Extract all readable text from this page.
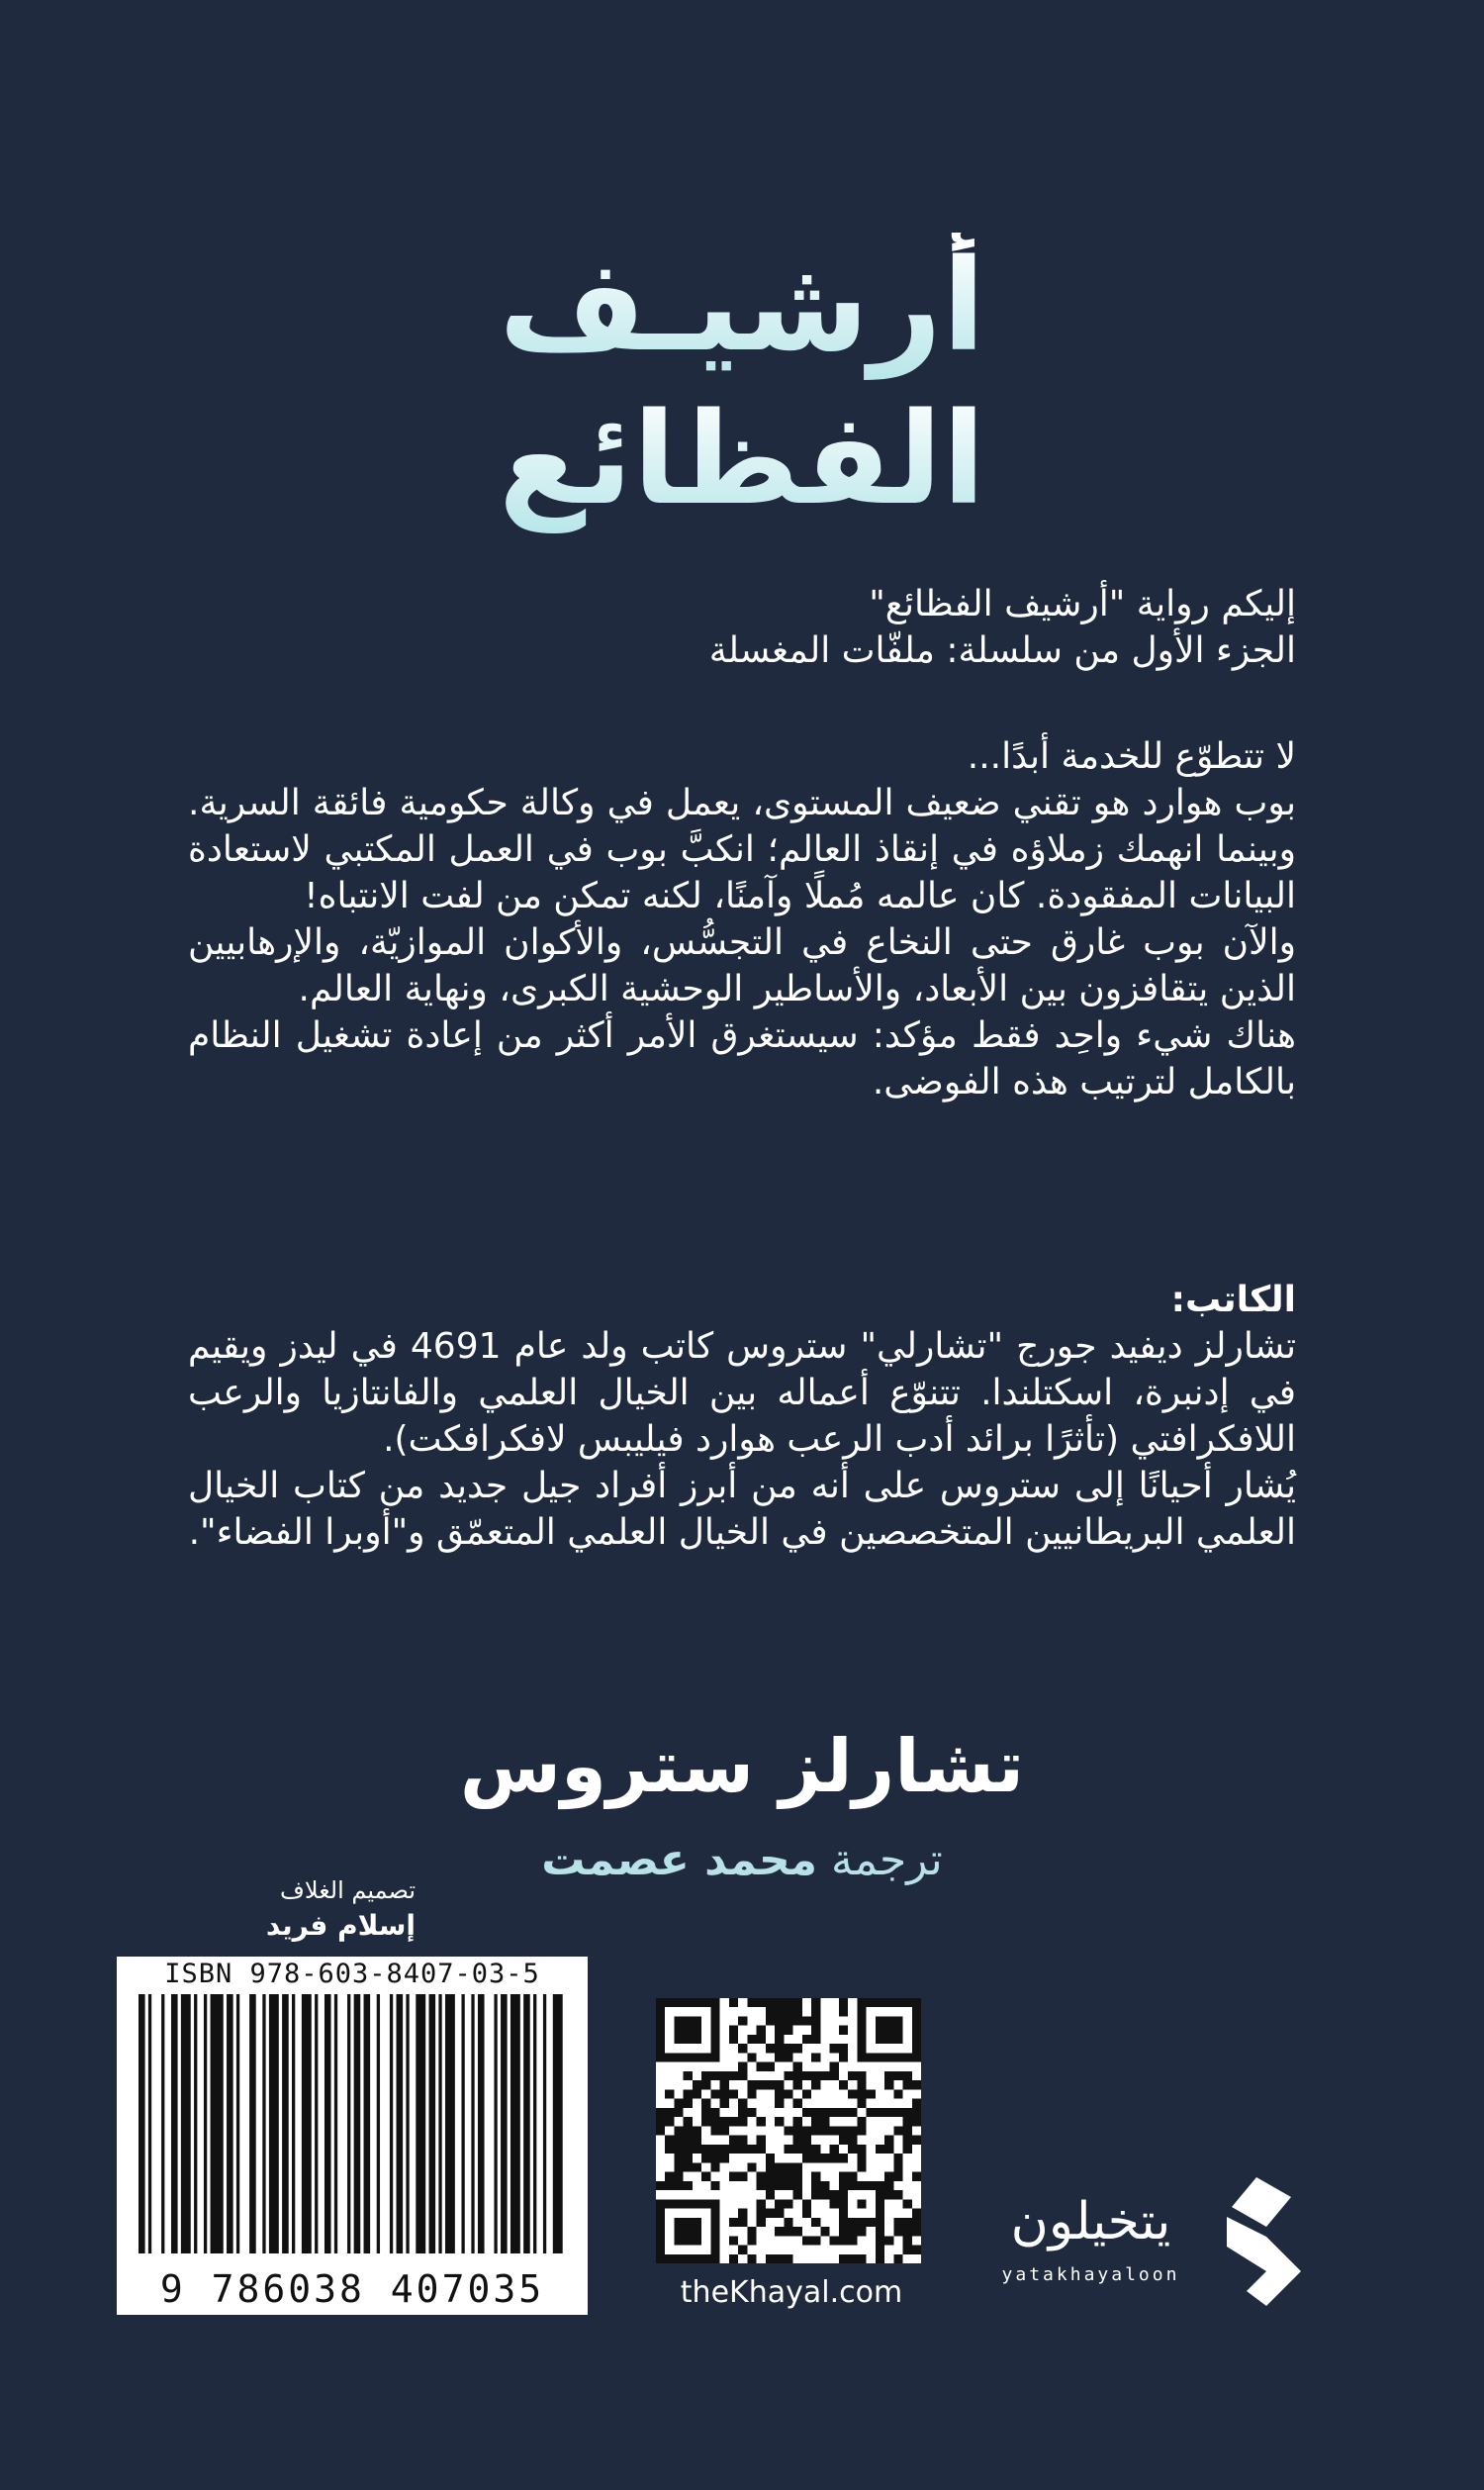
أرشيـف
الفظائع

إليكم رواية "أرشيف الفظائع"

الجزء الأول من سلسلة: ملفّات المغسلة

لا تتطوّع للخدمة أبدًا...

بوب هوارد هو تقني ضعيف المستوى، يعمل في وكالة حكومية فائقة السرية. وبينما انهمك زملاؤه في إنقاذ العالم؛ انكبَّ بوب في العمل المكتبي لاستعادة البيانات المفقودة. كان عالمه مُملًا وآمنًا، لكنه تمكن من لفت الانتباه!

والآن بوب غارق حتى النخاع في التجسُّس، والأكوان الموازيّة، والإرهابيين الذين يتقافزون بين الأبعاد، والأساطير الوحشية الكبرى، ونهاية العالم.

هناك شيء واحِد فقط مؤكد: سيستغرق الأمر أكثر من إعادة تشغيل النظام بالكامل لترتيب هذه الفوضى.

الكاتب:

تشارلز ديفيد جورج "تشارلي" ستروس كاتب ولد عام 4691 في ليدز ويقيم في إدنبرة، اسكتلندا. تتنوّع أعماله بين الخيال العلمي والفانتازيا والرعب اللافكرافتي (تأثرًا برائد أدب الرعب هوارد فيليبس لافكرافكت).

يُشار أحيانًا إلى ستروس على أنه من أبرز أفراد جيل جديد من كتاب الخيال العلمي البريطانيين المتخصصين في الخيال العلمي المتعمّق و"أوبرا الفضاء".

تشارلز ستروس
ترجمة محمد عصمت
تصميم الغلاف
إسلام فريد
ISBN 978-603-8407-03-5
9 786038 407035	theKhayal.com
يتخيلون
yatakhayaloon
